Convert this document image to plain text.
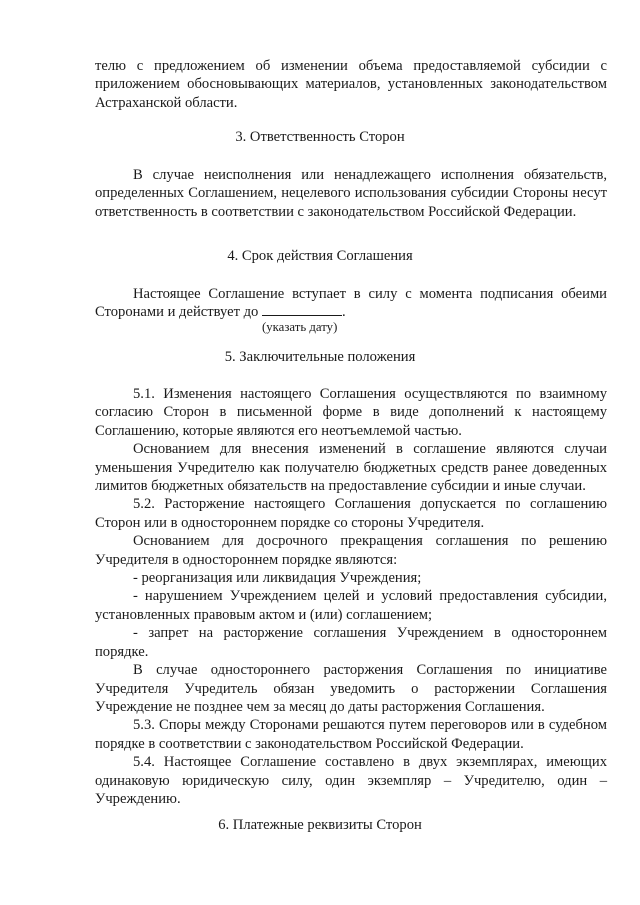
телю с предложением об изменении объема предоставляемой субсидии с приложением обосновывающих материалов, установленных законодательством Астраханской области.

3. Ответственность Сторон

В случае неисполнения или ненадлежащего исполнения обязательств, определенных Соглашением, нецелевого использования субсидии Стороны несут ответственность в соответствии с законодательством Российской Федерации.

4. Срок действия Соглашения

Настоящее Соглашение вступает в силу с момента подписания обеими Сторонами и действует до	.

(указать дату)
5. Заключительные положения

5.1. Изменения настоящего Соглашения осуществляются по взаимному согласию Сторон в письменной форме в виде дополнений к настоящему Соглашению, которые являются его неотъемлемой частью.

Основанием для внесения изменений в соглашение являются случаи уменьшения Учредителю как получателю бюджетных средств ранее доведенных лимитов бюджетных обязательств на предоставление субсидии и иные случаи.

5.2. Расторжение настоящего Соглашения допускается по соглашению Сторон или в одностороннем порядке со стороны Учредителя.

Основанием для досрочного прекращения соглашения по решению Учредителя в одностороннем порядке являются:

- реорганизация или ликвидация Учреждения;

- нарушением Учреждением целей и условий предоставления субсидии, установленных правовым актом и (или) соглашением;

- запрет на расторжение соглашения Учреждением в одностороннем порядке.

В случае одностороннего расторжения Соглашения по инициативе Учредителя Учредитель обязан уведомить о расторжении Соглашения Учреждение не позднее чем за месяц до даты расторжения Соглашения.

5.3. Споры между Сторонами решаются путем переговоров или в судебном порядке в соответствии с законодательством Российской Федерации.

5.4. Настоящее Соглашение составлено в двух экземплярах, имеющих одинаковую юридическую силу, один экземпляр – Учредителю, один – Учреждению.

6. Платежные реквизиты Сторон
